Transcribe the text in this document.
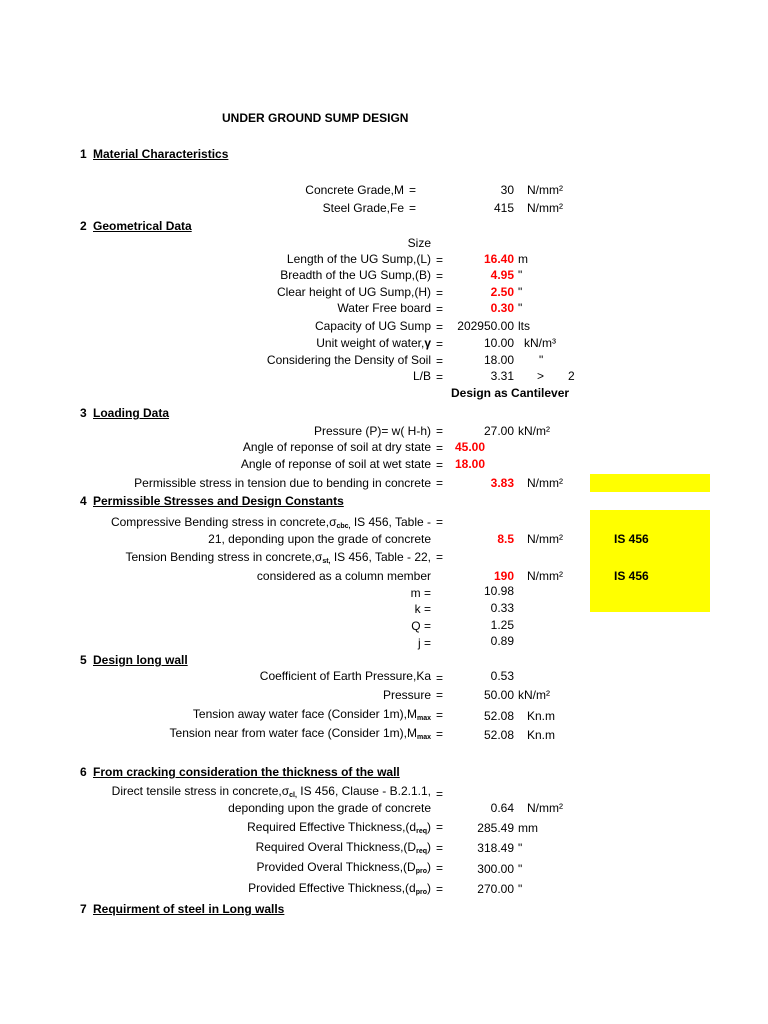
UNDER GROUND SUMP DESIGN
1 Material Characteristics
Concrete Grade,M =	30 N/mm²
Steel Grade,Fe =	415 N/mm²
2 Geometrical Data
Size
Length of the UG Sump,(L) =	16.40 m
Breadth of the UG Sump,(B) =	4.95 "
Clear height of UG Sump,(H) =	2.50 "
Water Free board =	0.30 "
Capacity of UG Sump = 202950.00 lts
Unit weight of water,γ =	10.00 kN/m³
Considering the Density of Soil =	18.00 "
L/B =	3.31 > 2
Design as Cantilever
3 Loading Data
Pressure (P)= w( H-h) =	27.00 kN/m²
Angle of reponse of soil at dry state = 45.00
Angle of reponse of soil at wet state = 18.00
Permissible stress in tension due to bending in concrete =	3.83 N/mm²
4 Permissible Stresses and Design Constants
Compressive Bending stress in $concrete,\sigma_{cbc,}$ IS 456, Table - =
21, deponding upon the grade of concrete	8.5 N/mm²	IS 456
Tension Bending stress in $concrete,\sigma_{st,}$ IS 456, Table - 22, =
considered as a column member	190 N/mm²	IS 456
m =	10.98
k =	0.33
Q =	1.25
j =	0.89
5 Design long wall
Coefficient of Earth Pressure,Ka =	0.53
Pressure =	50.00 kN/m²
Tension away water face (Consider $1m),M_{max}$ =	52.08 Kn.m
Tension near from water face (Consider $1m),M_{max}$ =	52.08 Kn.m
6 From cracking consideration the thickness of the wall
Direct tensile stress in $concrete,\sigma_{cl,}$ IS 456, Clause - B.2.1.1, =
deponding upon the grade of concrete	0.64 N/mm²
Required Effective $Thickness,(d_{req})$ =	285.49 mm
Required Overal $Thickness,(D_{req})$ =	318.49 "
Provided Overal $Thickness,(D_{pro})$ =	300.00 "
Provided Effective $Thickness,(d_{pro})$ =	270.00 "
7 Requirment of steel in Long walls
